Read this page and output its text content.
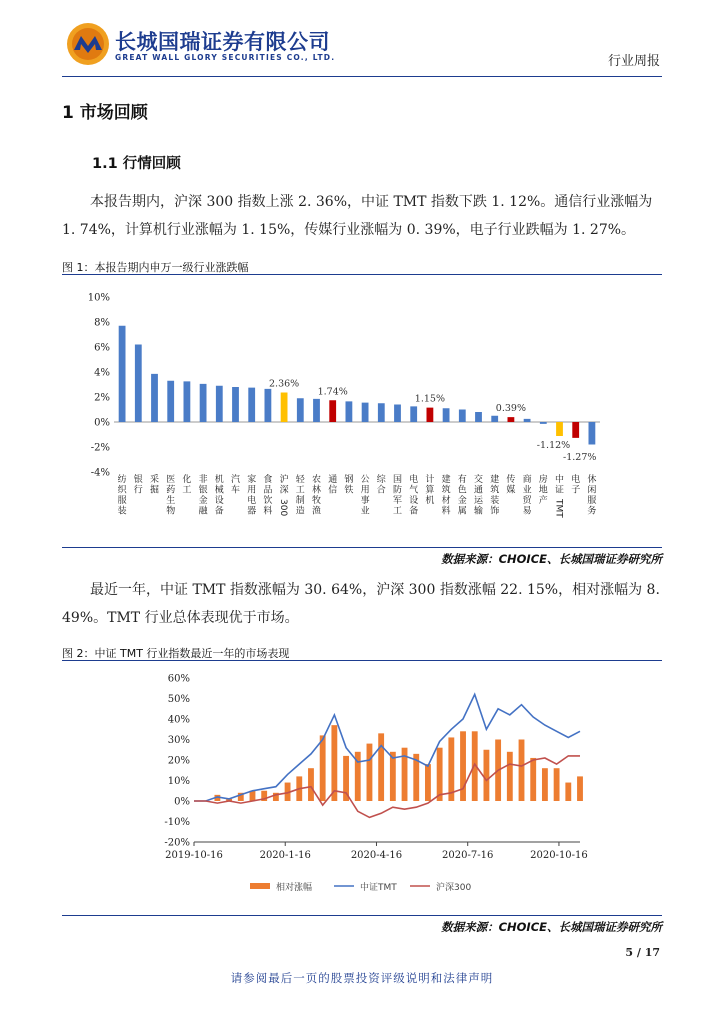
长城国瑞证券有限公司
GREAT WALL GLORY SECURITIES CO., LTD.	行业周报
1 市场回顾
1.1 行情回顾
本报告期内，沪深 300 指数上涨 2. 36%，中证 TMT 指数下跌 1. 12%。通信行业涨幅为 1. 74%，计算机行业涨幅为 1. 15%，传媒行业涨幅为 0. 39%，电子行业跌幅为 1. 27%。
图 1：本报告期内申万一级行业涨跌幅
-4%
-2%
0%
2%
4%
6%
8%
10%
纺
织
服
装
银
行
采
掘
医
药
生
物
化
工
非
银
金
融
机
械
设
备
汽
车
家
用
电
器
食
品
饮
料
2.36%
沪
深
300
轻
工
制
造
农
林
牧
渔
1.74%
通
信
钢
铁
公
用
事
业
综
合
国
防
军
工
电
气
设
备
1.15%
计
算
机
建
筑
材
料
有
色
金
属
交
通
运
输
建
筑
装
饰
0.39%
传
媒
商
业
贸
易
房
地
产
-1.12%
中
证
TMT
-1.27%
电
子
休
闲
服
务
数据来源：CHOICE、长城国瑞证券研究所
最近一年，中证 TMT 指数涨幅为 30. 64%，沪深 300 指数涨幅 22. 15%，相对涨幅为 8. 49%。TMT 行业总体表现优于市场。
图 2：中证 TMT 行业指数最近一年的市场表现
-20%
-10%
0%
10%
20%
30%
40%
50%
60%
2019-10-16	2020-1-16	2020-4-16	2020-7-16	2020-10-16
相对涨幅	中证TMT	沪深300
数据来源：CHOICE、长城国瑞证券研究所
5 / 17
请参阅最后一页的股票投资评级说明和法律声明
